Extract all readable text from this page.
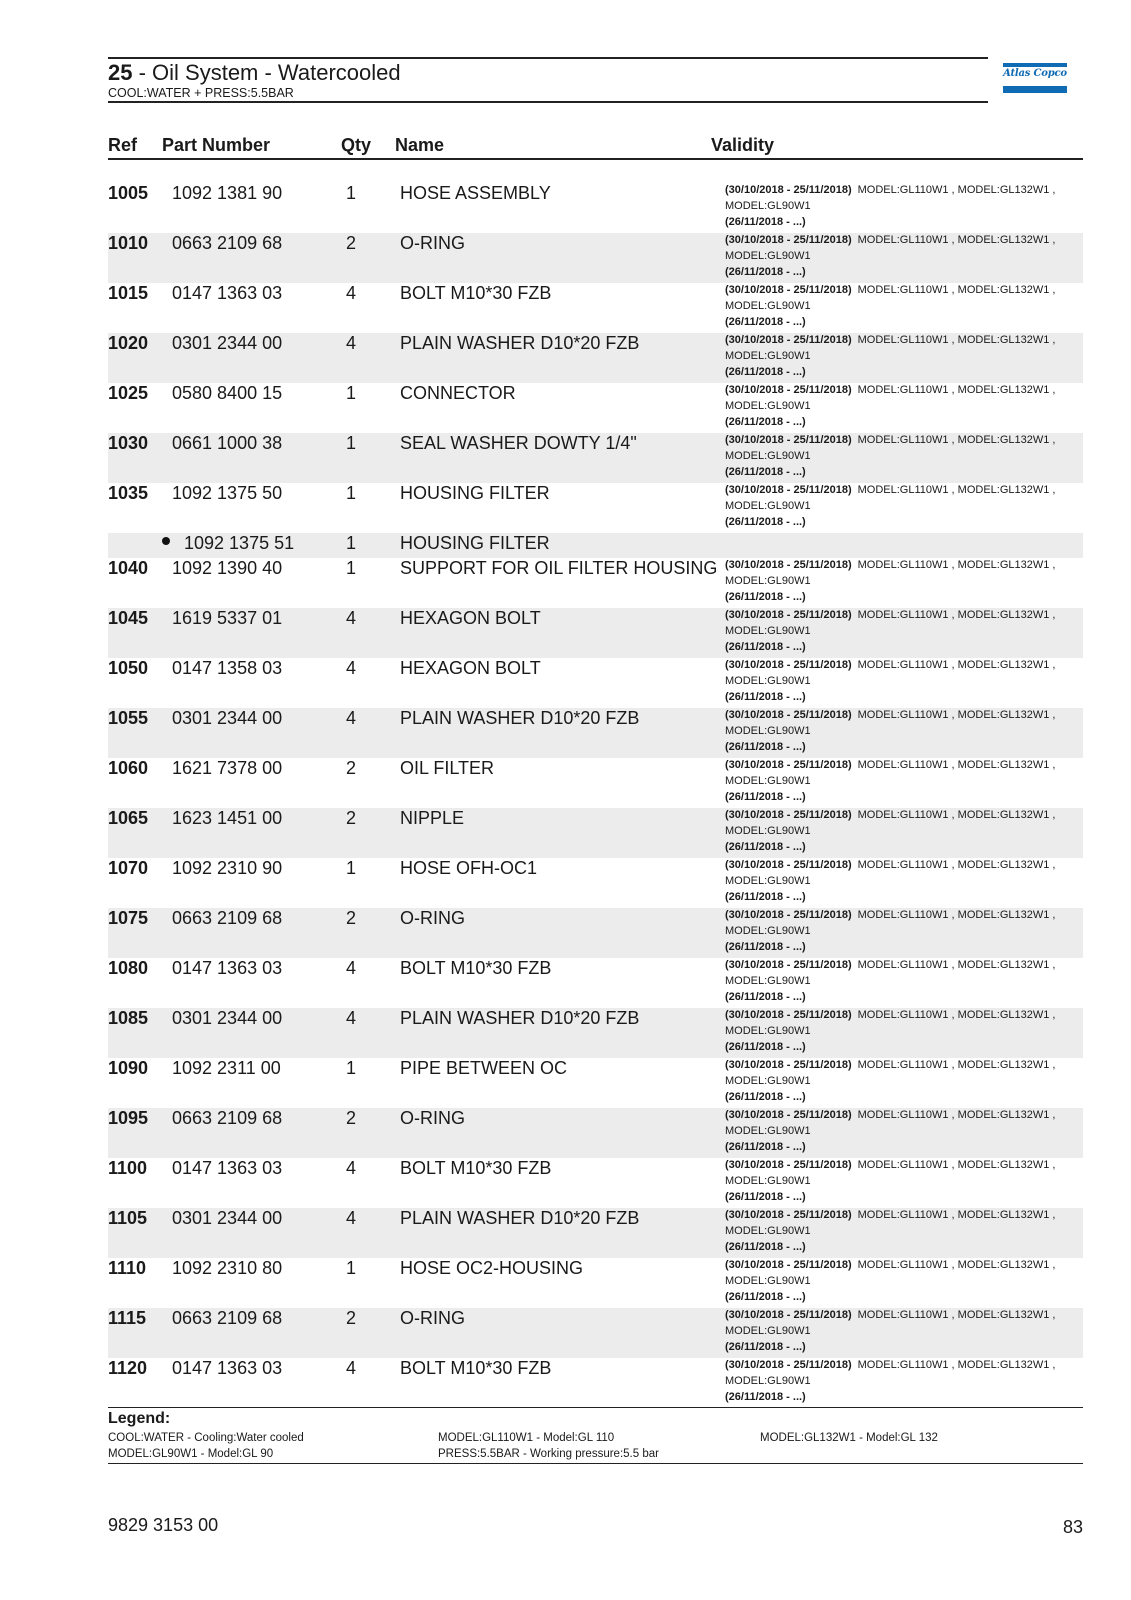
25 - Oil System - Watercooled
COOL:WATER + PRESS:5.5BAR
Atlas Copco
Ref Part Number	Qty Name	Validity
1005 1092 1381 90	1 HOSE ASSEMBLY	(30/10/2018 - 25/11/2018) MODEL:GL110W1 , MODEL:GL132W1 ,
MODEL:GL90W1
(26/11/2018 - ...)
1010 0663 2109 68	2 O-RING	(30/10/2018 - 25/11/2018) MODEL:GL110W1 , MODEL:GL132W1 ,
MODEL:GL90W1
(26/11/2018 - ...)
1015 0147 1363 03	4 BOLT M10*30 FZB	(30/10/2018 - 25/11/2018) MODEL:GL110W1 , MODEL:GL132W1 ,
MODEL:GL90W1
(26/11/2018 - ...)
1020 0301 2344 00	4 PLAIN WASHER D10*20 FZB	(30/10/2018 - 25/11/2018) MODEL:GL110W1 , MODEL:GL132W1 ,
MODEL:GL90W1
(26/11/2018 - ...)
1025 0580 8400 15	1 CONNECTOR	(30/10/2018 - 25/11/2018) MODEL:GL110W1 , MODEL:GL132W1 ,
MODEL:GL90W1
(26/11/2018 - ...)
1030 0661 1000 38	1 SEAL WASHER DOWTY 1/4"	(30/10/2018 - 25/11/2018) MODEL:GL110W1 , MODEL:GL132W1 ,
MODEL:GL90W1
(26/11/2018 - ...)
1035 1092 1375 50	1 HOUSING FILTER	(30/10/2018 - 25/11/2018) MODEL:GL110W1 , MODEL:GL132W1 ,
MODEL:GL90W1
(26/11/2018 - ...)
1092 1375 51	1 HOUSING FILTER
1040 1092 1390 40	1 SUPPORT FOR OIL FILTER HOUSING (30/10/2018 - 25/11/2018) MODEL:GL110W1 , MODEL:GL132W1 ,
MODEL:GL90W1
(26/11/2018 - ...)
1045 1619 5337 01	4 HEXAGON BOLT	(30/10/2018 - 25/11/2018) MODEL:GL110W1 , MODEL:GL132W1 ,
MODEL:GL90W1
(26/11/2018 - ...)
1050 0147 1358 03	4 HEXAGON BOLT	(30/10/2018 - 25/11/2018) MODEL:GL110W1 , MODEL:GL132W1 ,
MODEL:GL90W1
(26/11/2018 - ...)
1055 0301 2344 00	4 PLAIN WASHER D10*20 FZB	(30/10/2018 - 25/11/2018) MODEL:GL110W1 , MODEL:GL132W1 ,
MODEL:GL90W1
(26/11/2018 - ...)
1060 1621 7378 00	2 OIL FILTER	(30/10/2018 - 25/11/2018) MODEL:GL110W1 , MODEL:GL132W1 ,
MODEL:GL90W1
(26/11/2018 - ...)
1065 1623 1451 00	2 NIPPLE	(30/10/2018 - 25/11/2018) MODEL:GL110W1 , MODEL:GL132W1 ,
MODEL:GL90W1
(26/11/2018 - ...)
1070 1092 2310 90	1 HOSE OFH-OC1	(30/10/2018 - 25/11/2018) MODEL:GL110W1 , MODEL:GL132W1 ,
MODEL:GL90W1
(26/11/2018 - ...)
1075 0663 2109 68	2 O-RING	(30/10/2018 - 25/11/2018) MODEL:GL110W1 , MODEL:GL132W1 ,
MODEL:GL90W1
(26/11/2018 - ...)
1080 0147 1363 03	4 BOLT M10*30 FZB	(30/10/2018 - 25/11/2018) MODEL:GL110W1 , MODEL:GL132W1 ,
MODEL:GL90W1
(26/11/2018 - ...)
1085 0301 2344 00	4 PLAIN WASHER D10*20 FZB	(30/10/2018 - 25/11/2018) MODEL:GL110W1 , MODEL:GL132W1 ,
MODEL:GL90W1
(26/11/2018 - ...)
1090 1092 2311 00	1 PIPE BETWEEN OC	(30/10/2018 - 25/11/2018) MODEL:GL110W1 , MODEL:GL132W1 ,
MODEL:GL90W1
(26/11/2018 - ...)
1095 0663 2109 68	2 O-RING	(30/10/2018 - 25/11/2018) MODEL:GL110W1 , MODEL:GL132W1 ,
MODEL:GL90W1
(26/11/2018 - ...)
1100 0147 1363 03	4 BOLT M10*30 FZB	(30/10/2018 - 25/11/2018) MODEL:GL110W1 , MODEL:GL132W1 ,
MODEL:GL90W1
(26/11/2018 - ...)
1105 0301 2344 00	4 PLAIN WASHER D10*20 FZB	(30/10/2018 - 25/11/2018) MODEL:GL110W1 , MODEL:GL132W1 ,
MODEL:GL90W1
(26/11/2018 - ...)
1110 1092 2310 80	1 HOSE OC2-HOUSING	(30/10/2018 - 25/11/2018) MODEL:GL110W1 , MODEL:GL132W1 ,
MODEL:GL90W1
(26/11/2018 - ...)
1115 0663 2109 68	2 O-RING	(30/10/2018 - 25/11/2018) MODEL:GL110W1 , MODEL:GL132W1 ,
MODEL:GL90W1
(26/11/2018 - ...)
1120 0147 1363 03	4 BOLT M10*30 FZB	(30/10/2018 - 25/11/2018) MODEL:GL110W1 , MODEL:GL132W1 ,
MODEL:GL90W1
(26/11/2018 - ...)
Legend:
COOL:WATER - Cooling:Water cooled
MODEL:GL90W1 - Model:GL 90
MODEL:GL110W1 - Model:GL 110
PRESS:5.5BAR - Working pressure:5.5 bar
MODEL:GL132W1 - Model:GL 132
9829 3153 00	83
